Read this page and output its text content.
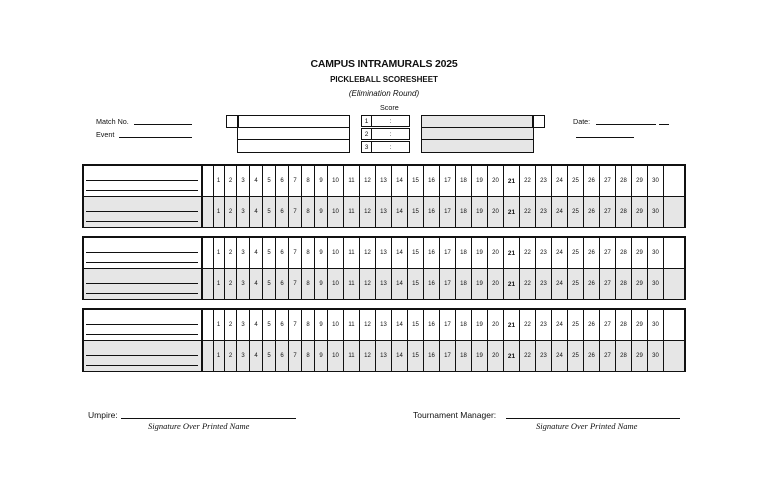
CAMPUS INTRAMURALS 2025
PICKLEBALL SCORESHEET
(Elimination Round)
Score
Match No.
Event
Date:
1	:
2	:
3	:
1	2	3	4	5	6	7	8	9	10	11	12	13	14	15	16	17	18	19	20	21	22	23	24	25	26	27	28	29	30
1	2	3	4	5	6	7	8	9	10	11	12	13	14	15	16	17	18	19	20	21	22	23	24	25	26	27	28	29	30
1	2	3	4	5	6	7	8	9	10	11	12	13	14	15	16	17	18	19	20	21	22	23	24	25	26	27	28	29	30
1	2	3	4	5	6	7	8	9	10	11	12	13	14	15	16	17	18	19	20	21	22	23	24	25	26	27	28	29	30
1	2	3	4	5	6	7	8	9	10	11	12	13	14	15	16	17	18	19	20	21	22	23	24	25	26	27	28	29	30
1	2	3	4	5	6	7	8	9	10	11	12	13	14	15	16	17	18	19	20	21	22	23	24	25	26	27	28	29	30
Umpire:
Signature Over Printed Name
Tournament Manager:
Signature Over Printed Name
